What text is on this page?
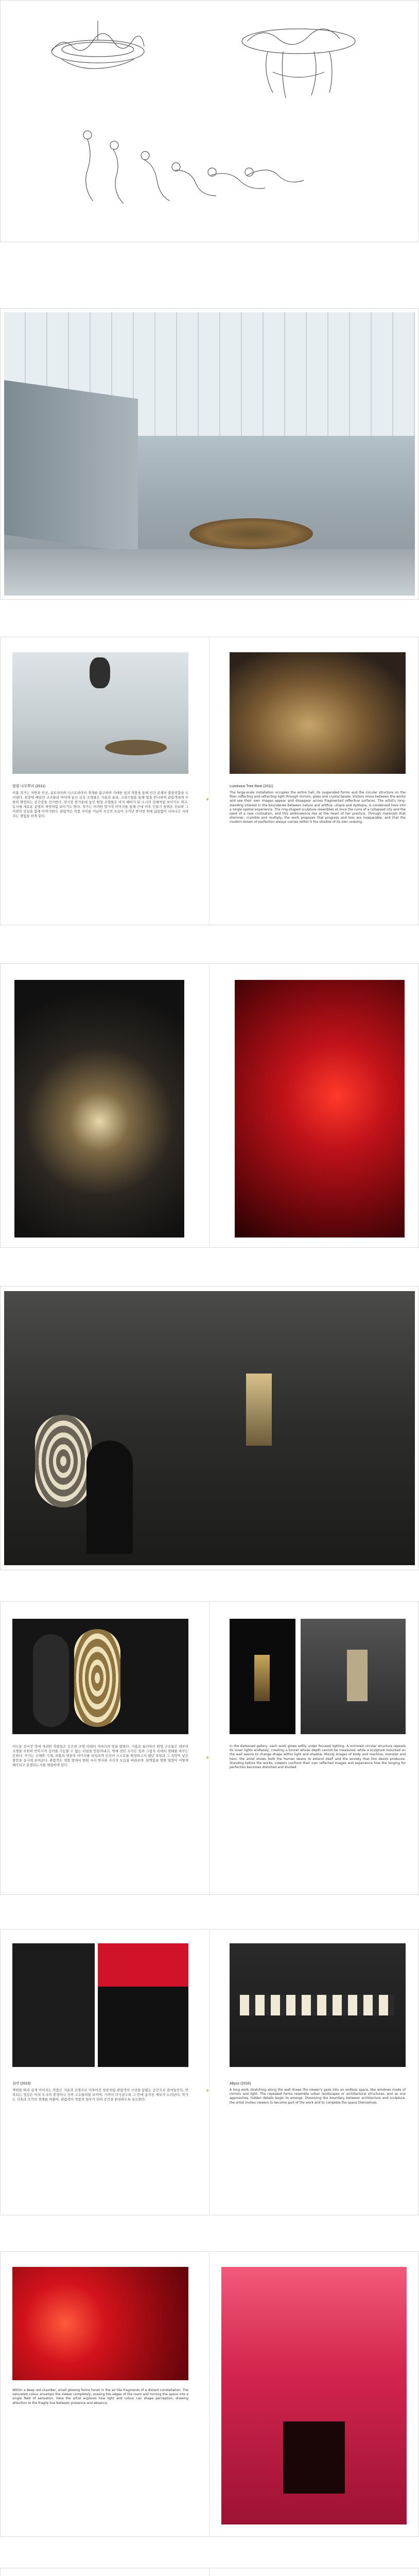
발광 나무뿌리 (2011)

이불 작가는 자연과 인공, 유토피아와 디스토피아의 경계를 탐구하며 거대한 설치 작품을 통해 인간 존재의 불완전함을 드러낸다. 천장에 매달린 구조물과 바닥에 놓인 금속 조형물은 거울과 유리, 크리스털을 통해 빛을 반사하며 관람객에게 무한히 확장되는 공간감을 선사한다. 전시장 한가운데 놓인 원형 조형물은 마치 폐허가 된 도시의 잔해처럼 보이기도 하고, 동시에 새로운 문명의 씨앗처럼 보이기도 한다. 작가는 이러한 양가적 이미지를 통해 근대 이후 인류가 꿈꿔온 진보와 그 이면의 상실을 함께 이야기한다. 관람객은 작품 사이를 거닐며 자신의 모습이 조각난 반사면 위에 끊임없이 나타나고 사라지는 경험을 하게 된다.

✦

Luminous Tree Root (2011)

The large-scale installation occupies the entire hall, its suspended forms and the circular structure on the floor reflecting and refracting light through mirrors, glass and crystal beads. Visitors move between the works and see their own images appear and disappear across fragmented reflective surfaces. The artist's long-standing interest in the boundaries between nature and artifice, utopia and dystopia, is condensed here into a single spatial experience. The ring-shaped sculpture resembles at once the ruins of a collapsed city and the seed of a new civilization, and this ambivalence lies at the heart of her practice. Through materials that shimmer, crumble and multiply, the work proposes that progress and loss are inseparable, and that the modern dream of perfection always carries within it the shadow of its own undoing.

어두운 전시장 안에 자리한 작품들은 은은한 조명 아래서 저마다의 빛을 발한다. 거울로 둘러싸인 원형 구조물은 내부의 조명을 무한히 반복시켜 깊이를 가늠할 수 없는 터널을 만들어내고, 벽에 걸린 조각은 빛과 그림자 속에서 형태를 바꾸는 듯하다. 작가는 신체와 기계, 괴물과 영웅의 이미지를 뒤섞으며 인간이 스스로를 확장하고자 했던 욕망과 그 욕망이 낳은 불안을 동시에 보여준다. 관람객은 작품 앞에서 멈춰 서서 반사된 자신의 모습을 바라보며, 완벽함을 향한 열망이 어떻게 왜곡되고 분열되는지를 체험하게 된다.

✦

In the darkened gallery, each work glows softly under focused lighting. A mirrored circular structure repeats its inner lights endlessly, creating a tunnel whose depth cannot be measured, while a sculpture mounted on the wall seems to change shape within light and shadow. Mixing images of body and machine, monster and hero, the artist shows both the human desire to extend itself and the anxiety that this desire produces. Standing before the works, viewers confront their own reflected images and experience how the longing for perfection becomes distorted and divided.

심연 (2016)

벽면을 따라 길게 이어지는 작품은 거울과 조명으로 이루어진 창문처럼 관람객의 시선을 끝없는 공간으로 끌어들인다. 반복되는 형상은 마치 도시의 풍경이나 건축 구조물처럼 보이며, 가까이 다가갈수록 그 안에 숨겨진 세부가 드러난다. 작가는 건축과 조각의 경계를 허물며, 관람객이 작품의 일부가 되어 공간을 완성하도록 유도한다.

✦

Abyss (2016)

A long work stretching along the wall draws the viewer's gaze into an endless space, like windows made of mirrors and light. The repeated forms resemble urban landscapes or architectural structures, and as one approaches, hidden details begin to emerge. Dissolving the boundary between architecture and sculpture, the artist invites viewers to become part of the work and to complete the space themselves.

Within a deep red chamber, small glowing forms hover in the air like fragments of a distant constellation. The saturated colour envelops the viewer completely, erasing the edges of the room and turning the space into a single field of sensation. Here the artist explores how light and colour can shape perception, drawing attention to the fragile line between presence and absence.
